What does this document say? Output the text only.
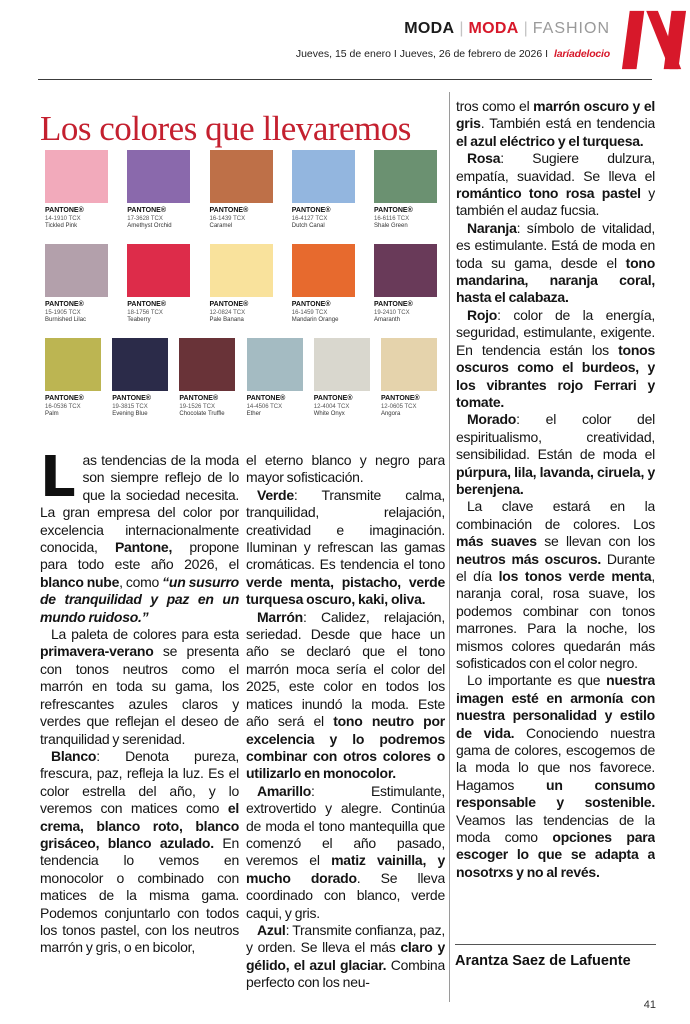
MODA | MODA | FASHION
Jueves, 15 de enero I Jueves, 26 de febrero de 2026 I laríadelocio
Los colores que llevaremos
PANTONE®
14-1910 TCX
Tickled Pink
PANTONE®
17-3628 TCX
Amethyst Orchid
PANTONE®
16-1439 TCX
Caramel
PANTONE®
16-4127 TCX
Dutch Canal
PANTONE®
16-6116 TCX
Shale Green
PANTONE®
15-1905 TCX
Burnished Lilac
PANTONE®
18-1756 TCX
Teaberry
PANTONE®
12-0824 TCX
Pale Banana
PANTONE®
16-1459 TCX
Mandarin Orange
PANTONE®
19-2410 TCX
Amaranth
PANTONE®
16-0536 TCX
Palm
PANTONE®
19-3815 TCX
Evening Blue
PANTONE®
19-1526 TCX
Chocolate Truffle
PANTONE®
14-4506 TCX
Ether
PANTONE®
12-4004 TCX
White Onyx
PANTONE®
12-0605 TCX
Angora

Las tendencias de la moda son siempre reflejo de lo que la sociedad necesita. La gran empresa del color por excelencia internacionalmente conocida, Pantone, propone para todo este año 2026, el blanco nube, como “un susurro de tranquilidad y paz en un mundo ruidoso.”

La paleta de colores para esta primavera-verano se presenta con tonos neutros como el marrón en toda su gama, los refrescantes azules claros y verdes que reflejan el deseo de tranquilidad y serenidad.

Blanco: Denota pureza, frescura, paz, refleja la luz. Es el color estrella del año, y lo veremos con matices como el crema, blanco roto, blanco grisáceo, blanco azulado. En tendencia lo vemos en monocolor o combinado con matices de la misma gama. Podemos conjuntarlo con todos los tonos pastel, con los neutros marrón y gris, o en bicolor,

el eterno blanco y negro para mayor sofisticación.

Verde: Transmite calma, tranquilidad, relajación, creatividad e imaginación. Iluminan y refrescan las gamas cromáticas. Es tendencia el tono verde menta, pistacho, verde turquesa oscuro, kaki, oliva.

Marrón: Calidez, relajación, seriedad. Desde que hace un año se declaró que el tono marrón moca sería el color del 2025, este color en todos los matices inundó la moda. Este año será el tono neutro por excelencia y lo podremos combinar con otros colores o utilizarlo en monocolor.

Amarillo: Estimulante, extrovertido y alegre. Continúa de moda el tono mantequilla que comenzó el año pasado, veremos el matiz vainilla, y mucho dorado. Se lleva coordinado con blanco, verde caqui, y gris.

Azul: Transmite confianza, paz, y orden. Se lleva el más claro y gélido, el azul glaciar. Combina perfecto con los neu-

tros como el marrón oscuro y el gris. También está en tendencia el azul eléctrico y el turquesa.

Rosa: Sugiere dulzura, empatía, suavidad. Se lleva el romántico tono rosa pastel y también el audaz fucsia.

Naranja: símbolo de vitalidad, es estimulante. Está de moda en toda su gama, desde el tono mandarina, naranja coral, hasta el calabaza.

Rojo: color de la energía, seguridad, estimulante, exigente. En tendencia están los tonos oscuros como el burdeos, y los vibrantes rojo Ferrari y tomate.

Morado: el color del espiritualismo, creatividad, sensibilidad. Están de moda el púrpura, lila, lavanda, ciruela, y berenjena.

La clave estará en la combinación de colores. Los más suaves se llevan con los neutros más oscuros. Durante el día los tonos verde menta, naranja coral, rosa suave, los podemos combinar con tonos marrones. Para la noche, los mismos colores quedarán más sofisticados con el color negro.

Lo importante es que nuestra imagen esté en armonía con nuestra personalidad y estilo de vida. Conociendo nuestra gama de colores, escogemos de la moda lo que nos favorece. Hagamos un consumo responsable y sostenible. Veamos las tendencias de la moda como opciones para escoger lo que se adapta a nosotrxs y no al revés.

Arantza Saez de Lafuente
41
